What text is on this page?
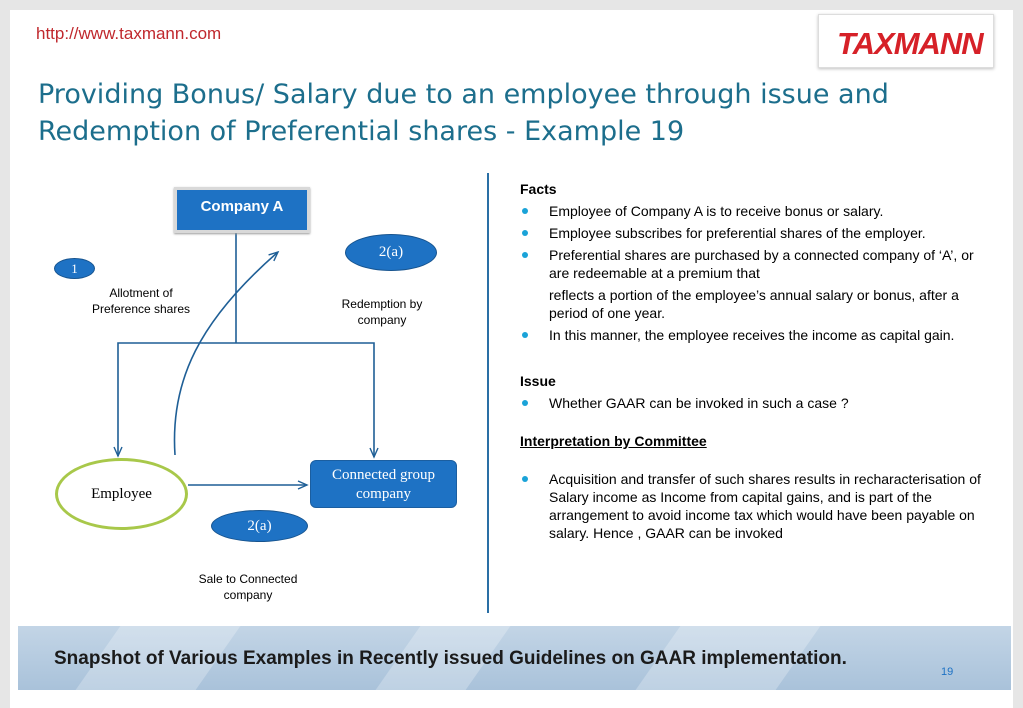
http://www.taxmann.com	TAXMANN
Providing Bonus/ Salary due to an employee through issue and
Redemption of Preferential shares - Example 19
Company A
Employee
Connected group company
1
2(a)
2(a)
Allotment of Preference shares	Redemption by company
Sale to Connected company

Facts

Employee of Company A is to receive bonus or salary.
Employee subscribes for preferential shares of the employer.
Preferential shares are purchased by a connected company of ‘A’, or are redeemable at a premium that

reflects a portion of the employee’s annual salary or bonus, after a period of one year.

In this manner, the employee receives the income as capital gain.

Issue

Whether GAAR can be invoked in such a case ?

Interpretation by Committee

Acquisition and transfer of such shares results in recharacterisation of Salary income as Income from capital gains, and is part of the arrangement to avoid income tax which would have been payable on salary. Hence , GAAR can be invoked
Snapshot of Various Examples in Recently issued Guidelines on GAAR implementation.
19
